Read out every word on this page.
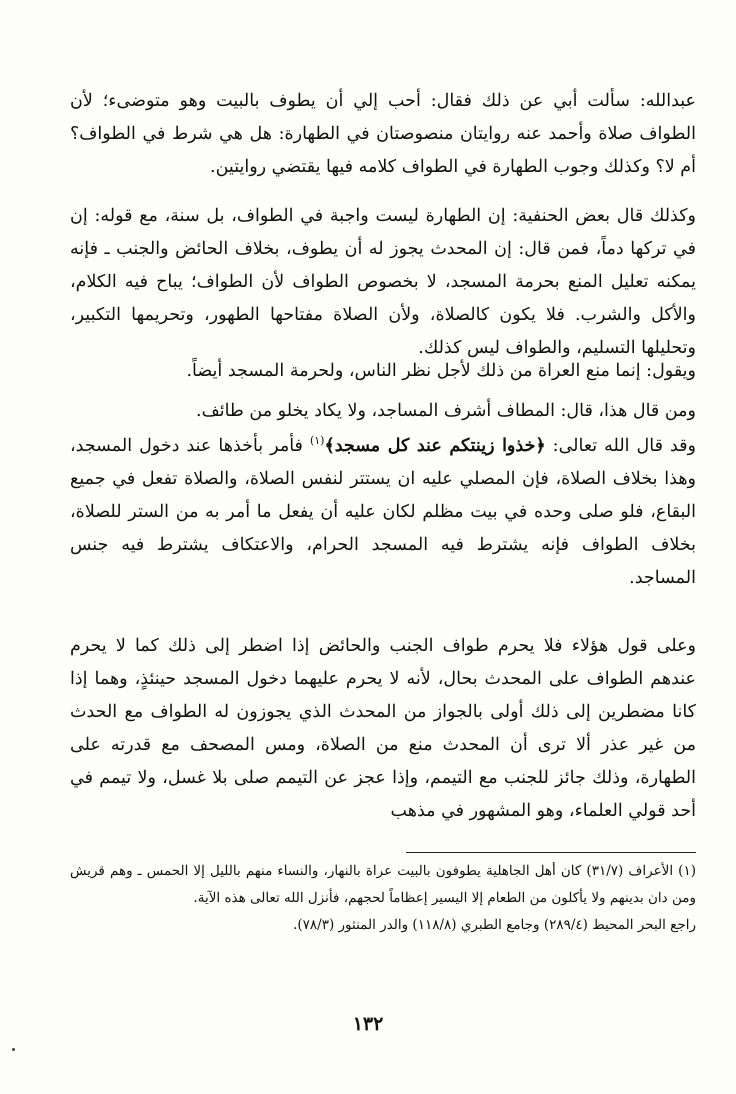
عبدالله: سألت أبي عن ذلك فقال: أحب إلي أن يطوف بالبيت وهو متوضىء؛ لأن الطواف صلاة وأحمد عنه روايتان منصوصتان في الطهارة: هل هي شرط في الطواف؟ أم لا؟ وكذلك وجوب الطهارة في الطواف كلامه فيها يقتضي روايتين.

وكذلك قال بعض الحنفية: إن الطهارة ليست واجبة في الطواف، بل سنة، مع قوله: إن في تركها دماً، فمن قال: إن المحدث يجوز له أن يطوف، بخلاف الحائض والجنب ـ فإنه يمكنه تعليل المنع بحرمة المسجد، لا بخصوص الطواف لأن الطواف؛ يباح فيه الكلام، والأكل والشرب. فلا يكون كالصلاة، ولأن الصلاة مفتاحها الطهور، وتحريمها التكبير، وتحليلها التسليم، والطواف ليس كذلك.

ويقول: إنما منع العراة من ذلك لأجل نظر الناس، ولحرمة المسجد أيضاً.

ومن قال هذا، قال: المطاف أشرف المساجد، ولا يكاد يخلو من طائف.

وقد قال الله تعالى: ﴿خذوا زينتكم عند كل مسجد﴾$^{(١)}$ فأمر بأخذها عند دخول المسجد، وهذا بخلاف الصلاة، فإن المصلي عليه ان يستتر لنفس الصلاة، والصلاة تفعل في جميع البقاع، فلو صلى وحده في بيت مظلم لكان عليه أن يفعل ما أمر به من الستر للصلاة، بخلاف الطواف فإنه يشترط فيه المسجد الحرام، والاعتكاف يشترط فيه جنس المساجد.

وعلى قول هؤلاء فلا يحرم طواف الجنب والحائض إذا اضطر إلى ذلك كما لا يحرم عندهم الطواف على المحدث بحال، لأنه لا يحرم عليهما دخول المسجد حينئذٍ، وهما إذا كانا مضطرين إلى ذلك أولى بالجواز من المحدث الذي يجوزون له الطواف مع الحدث من غير عذر ألا ترى أن المحدث منع من الصلاة، ومس المصحف مع قدرته على الطهارة، وذلك جائز للجنب مع التيمم، وإذا عجز عن التيمم صلى بلا غسل، ولا تيمم في أحد قولي العلماء، وهو المشهور في مذهب

(١) الأعراف (٣١/٧) كان أهل الجاهلية يطوفون بالبيت عراة بالنهار، والنساء منهم بالليل إلا الحمس ـ وهم قريش ومن دان بدينهم ولا يأكلون من الطعام إلا اليسير إعظاماً لحجهم، فأنزل الله تعالى هذه الآية.

راجع البحر المحيط (٢٨٩/٤) وجامع الطبري (١١٨/٨) والدر المنثور (٧٨/٣).

١٣٢
